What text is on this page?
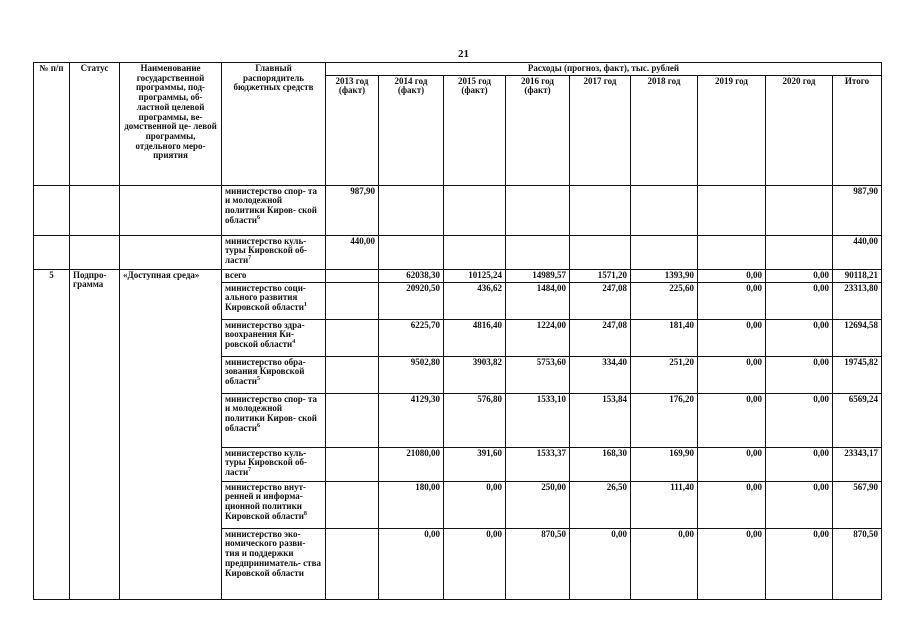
21
№ п/п	Статус	Наименование государственной программы, под- программы, об- ластной целевой программы, ве- домственной це- левой программы, отдельного меро- приятия	Главный распорядитель бюджетных средств	Расходы (прогноз, факт), тыс. рублей								
				2013 год (факт)	2014 год (факт)	2015 год (факт)	2016 год (факт)	2017 год	2018 год	2019 год	2020 год	Итого
			министерство спор- та и молодежной политики Киров- ской области$^6$	987,90								987,90
			министерство куль- туры Кировской об- ласти$^7$	440,00								440,00
5	Подпро- грамма	«Доступная среда»	всего		62038,30	10125,24	14989,57	1571,20	1393,90	0,00	0,00	90118,21
			министерство соци- ального развития Кировской области$^1$		20920,50	436,62	1484,00	247,08	225,60	0,00	0,00	23313,80
			министерство здра- воохранения Ки- ровской области$^4$		6225,70	4816,40	1224,00	247,08	181,40	0,00	0,00	12694,58
			министерство обра- зования Кировской области$^5$		9502,80	3903,82	5753,60	334,40	251,20	0,00	0,00	19745,82
			министерство спор- та и молодежной политики Киров- ской области$^6$		4129,30	576,80	1533,10	153,84	176,20	0,00	0,00	6569,24
			министерство куль- туры Кировской об- ласти$^7$		21080,00	391,60	1533,37	168,30	169,90	0,00	0,00	23343,17
			министерство внут- ренней и информа- ционной политики Кировской области$^8$		180,00	0,00	250,00	26,50	111,40	0,00	0,00	567,90
			министерство эко- номического разви- тия и поддержки предприниматель- ства Кировской области		0,00	0,00	870,50	0,00	0,00	0,00	0,00	870,50
